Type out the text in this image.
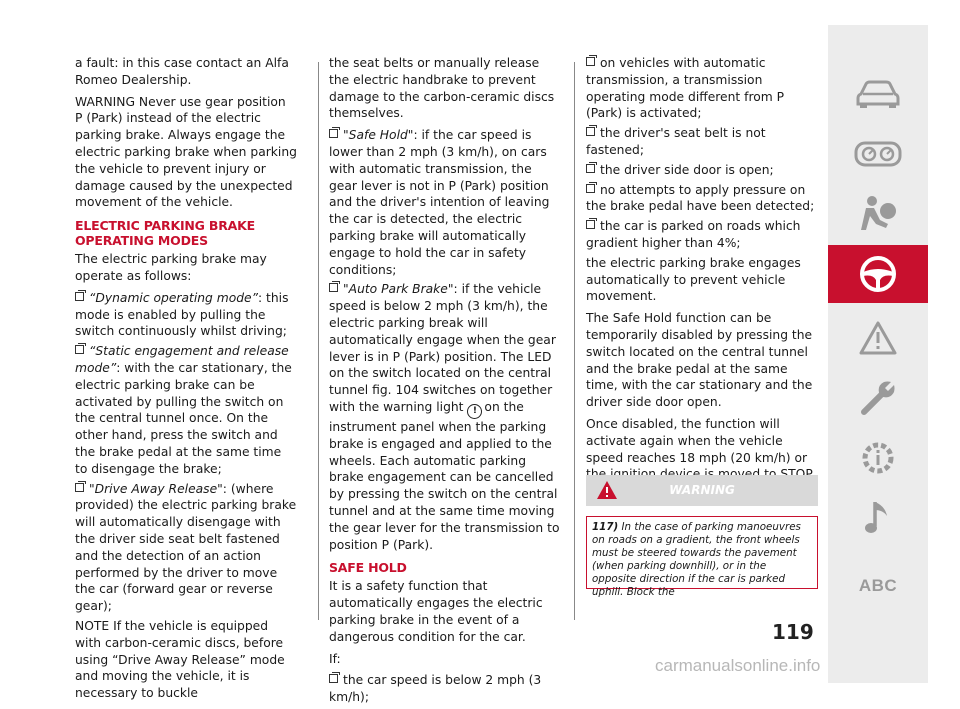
a fault: in this case contact an Alfa Romeo Dealership.

WARNING Never use gear position P (Park) instead of the electric parking brake. Always engage the electric parking brake when parking the vehicle to prevent injury or damage caused by the unexpected movement of the vehicle.

ELECTRIC PARKING BRAKE OPERATING MODES

The electric parking brake may operate as follows:

“Dynamic operating mode”: this mode is enabled by pulling the switch continuously whilst driving;
“Static engagement and release mode”: with the car stationary, the electric parking brake can be activated by pulling the switch on the central tunnel once. On the other hand, press the switch and the brake pedal at the same time to disengage the brake;
"Drive Away Release": (where provided) the electric parking brake will automatically disengage with the driver side seat belt fastened and the detection of an action performed by the driver to move the car (forward gear or reverse gear);

NOTE If the vehicle is equipped with carbon-ceramic discs, before using “Drive Away Release” mode and moving the vehicle, it is necessary to buckle

the seat belts or manually release the electric handbrake to prevent damage to the carbon-ceramic discs themselves.

"Safe Hold": if the car speed is lower than 2 mph (3 km/h), on cars with automatic transmission, the gear lever is not in P (Park) position and the driver's intention of leaving the car is detected, the electric parking brake will automatically engage to hold the car in safety conditions;
"Auto Park Brake": if the vehicle speed is below 2 mph (3 km/h), the electric parking break will automatically engage when the gear lever is in P (Park) position. The LED on the switch located on the central tunnel fig. 104 switches on together with the warning light ! on the instrument panel when the parking brake is engaged and applied to the wheels. Each automatic parking brake engagement can be cancelled by pressing the switch on the central tunnel and at the same time moving the gear lever for the transmission to position P (Park).
SAFE HOLD

It is a safety function that automatically engages the electric parking brake in the event of a dangerous condition for the car.

If:

the car speed is below 2 mph (3 km/h);
on vehicles with automatic transmission, a transmission operating mode different from P (Park) is activated;
the driver's seat belt is not fastened;
the driver side door is open;
no attempts to apply pressure on the brake pedal have been detected;
the car is parked on roads which gradient higher than 4%;

the electric parking brake engages automatically to prevent vehicle movement.

The Safe Hold function can be temporarily disabled by pressing the switch located on the central tunnel and the brake pedal at the same time, with the car stationary and the driver side door open.

Once disabled, the function will activate again when the vehicle speed reaches 18 mph (20 km/h) or

WARNING
117) In the case of parking manoeuvres on roads on a gradient, the front wheels must be steered towards the pavement (when parking downhill), or in the opposite direction if the car is parked uphill. Block the
119
ABC
carmanualsonline.info
